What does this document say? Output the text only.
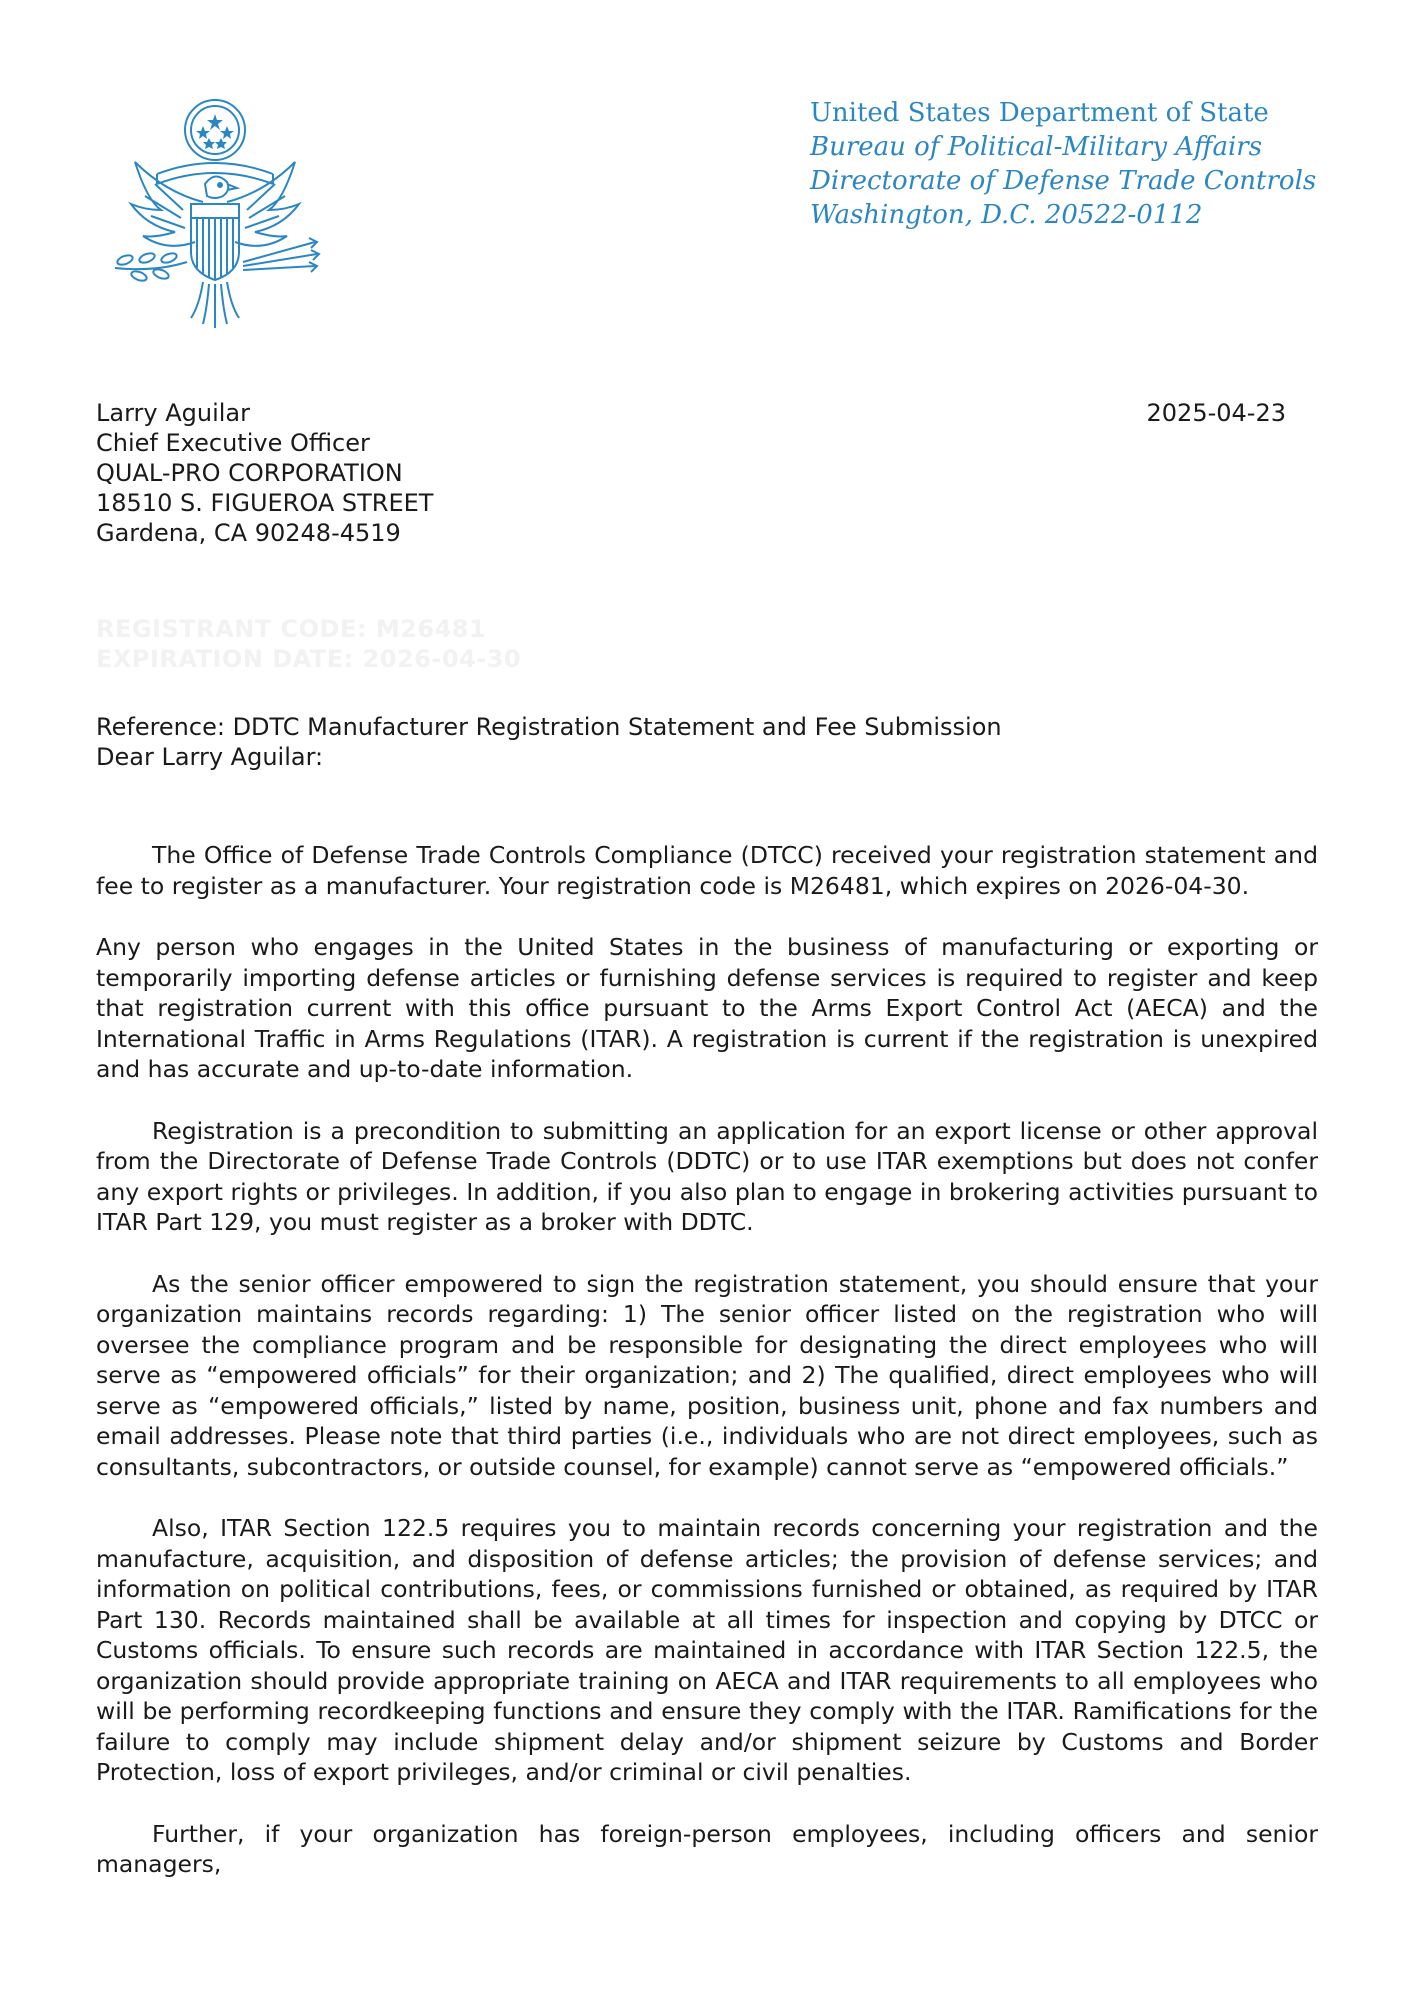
United States Department of State
Bureau of Political-Military Affairs
Directorate of Defense Trade Controls
Washington, D.C. 20522-0112
Larry Aguilar
Chief Executive Officer
QUAL-PRO CORPORATION
18510 S. FIGUEROA STREET
Gardena, CA 90248-4519
2025-04-23
REGISTRANT CODE: M26481
EXPIRATION DATE: 2026-04-30
Reference: DDTC Manufacturer Registration Statement and Fee Submission
Dear Larry Aguilar:

The Office of Defense Trade Controls Compliance (DTCC) received your registration statement and fee to register as a manufacturer. Your registration code is M26481, which expires on 2026-04-30.

Any person who engages in the United States in the business of manufacturing or exporting or temporarily importing defense articles or furnishing defense services is required to register and keep that registration current with this office pursuant to the Arms Export Control Act (AECA) and the International Traffic in Arms Regulations (ITAR). A registration is current if the registration is unexpired and has accurate and up-to-date information.

Registration is a precondition to submitting an application for an export license or other approval from the Directorate of Defense Trade Controls (DDTC) or to use ITAR exemptions but does not confer any export rights or privileges. In addition, if you also plan to engage in brokering activities pursuant to ITAR Part 129, you must register as a broker with DDTC.

As the senior officer empowered to sign the registration statement, you should ensure that your organization maintains records regarding: 1) The senior officer listed on the registration who will oversee the compliance program and be responsible for designating the direct employees who will serve as “empowered officials” for their organization; and 2) The qualified, direct employees who will serve as “empowered officials,” listed by name, position, business unit, phone and fax numbers and email addresses. Please note that third parties (i.e., individuals who are not direct employees, such as consultants, subcontractors, or outside counsel, for example) cannot serve as “empowered officials.”

Also, ITAR Section 122.5 requires you to maintain records concerning your registration and the manufacture, acquisition, and disposition of defense articles; the provision of defense services; and information on political contributions, fees, or commissions furnished or obtained, as required by ITAR Part 130. Records maintained shall be available at all times for inspection and copying by DTCC or Customs officials. To ensure such records are maintained in accordance with ITAR Section 122.5, the organization should provide appropriate training on AECA and ITAR requirements to all employees who will be performing recordkeeping functions and ensure they comply with the ITAR. Ramifications for the failure to comply may include shipment delay and/or shipment seizure by Customs and Border Protection, loss of export privileges, and/or criminal or civil penalties.

Further, if your organization has foreign-person employees, including officers and senior managers,
